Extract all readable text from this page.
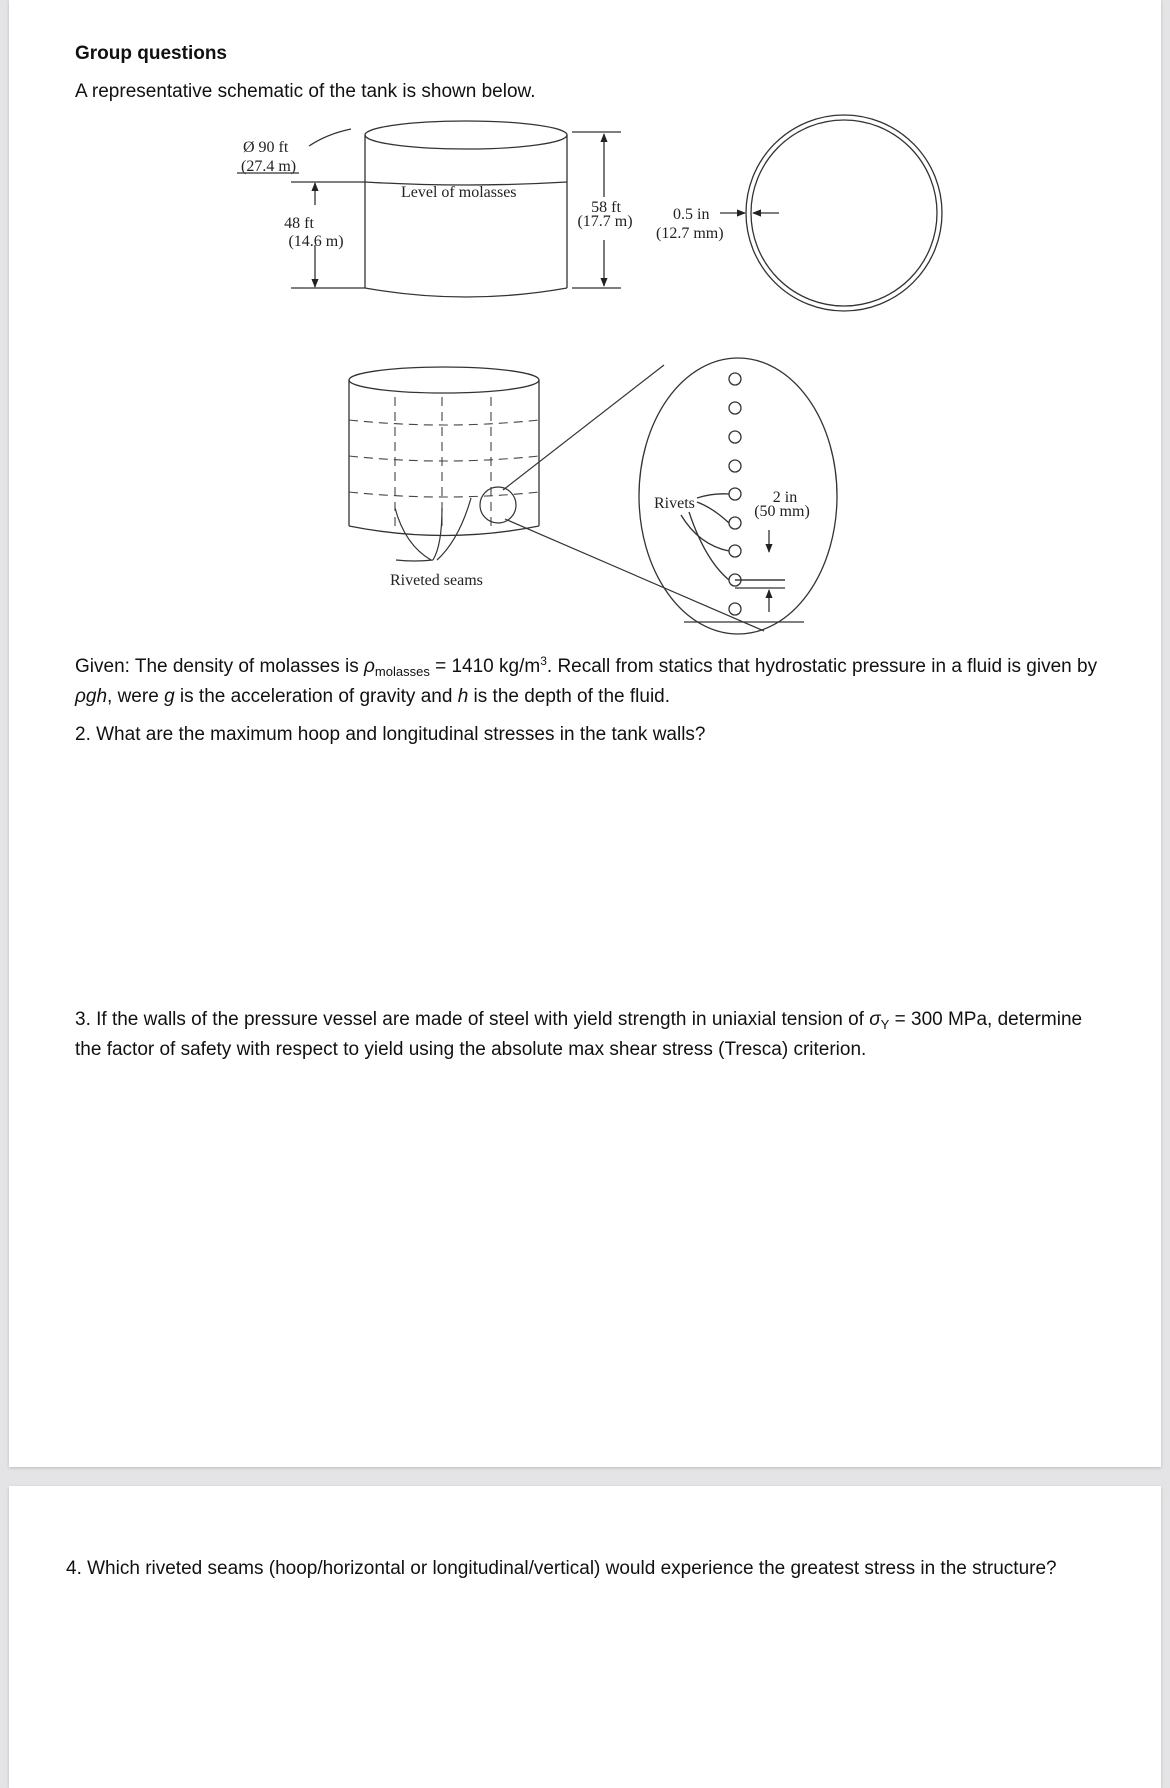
Group questions
A representative schematic of the tank is shown below.
Ø 90 ft
(27.4 m)
Level of molasses
48 ft
(14.6 m)
58 ft
(17.7 m)	0.5 in
(12.7 mm)
Riveted seams
Rivets	2 in
(50 mm)
Given: The density of molasses is $\rho_{molasses} = 1410$ $kg/m^3$. Recall from statics that hydrostatic pressure in a fluid is given by ρgh, were g is the acceleration of gravity and h is the depth of the fluid.
2. What are the maximum hoop and longitudinal stresses in the tank walls?
3. If the walls of the pressure vessel are made of steel with yield strength in uniaxial tension of $\sigma_Y = 300$ MPa, determine the factor of safety with respect to yield using the absolute max shear stress (Tresca) criterion.
4. Which riveted seams (hoop/horizontal or longitudinal/vertical) would experience the greatest stress in the structure?
